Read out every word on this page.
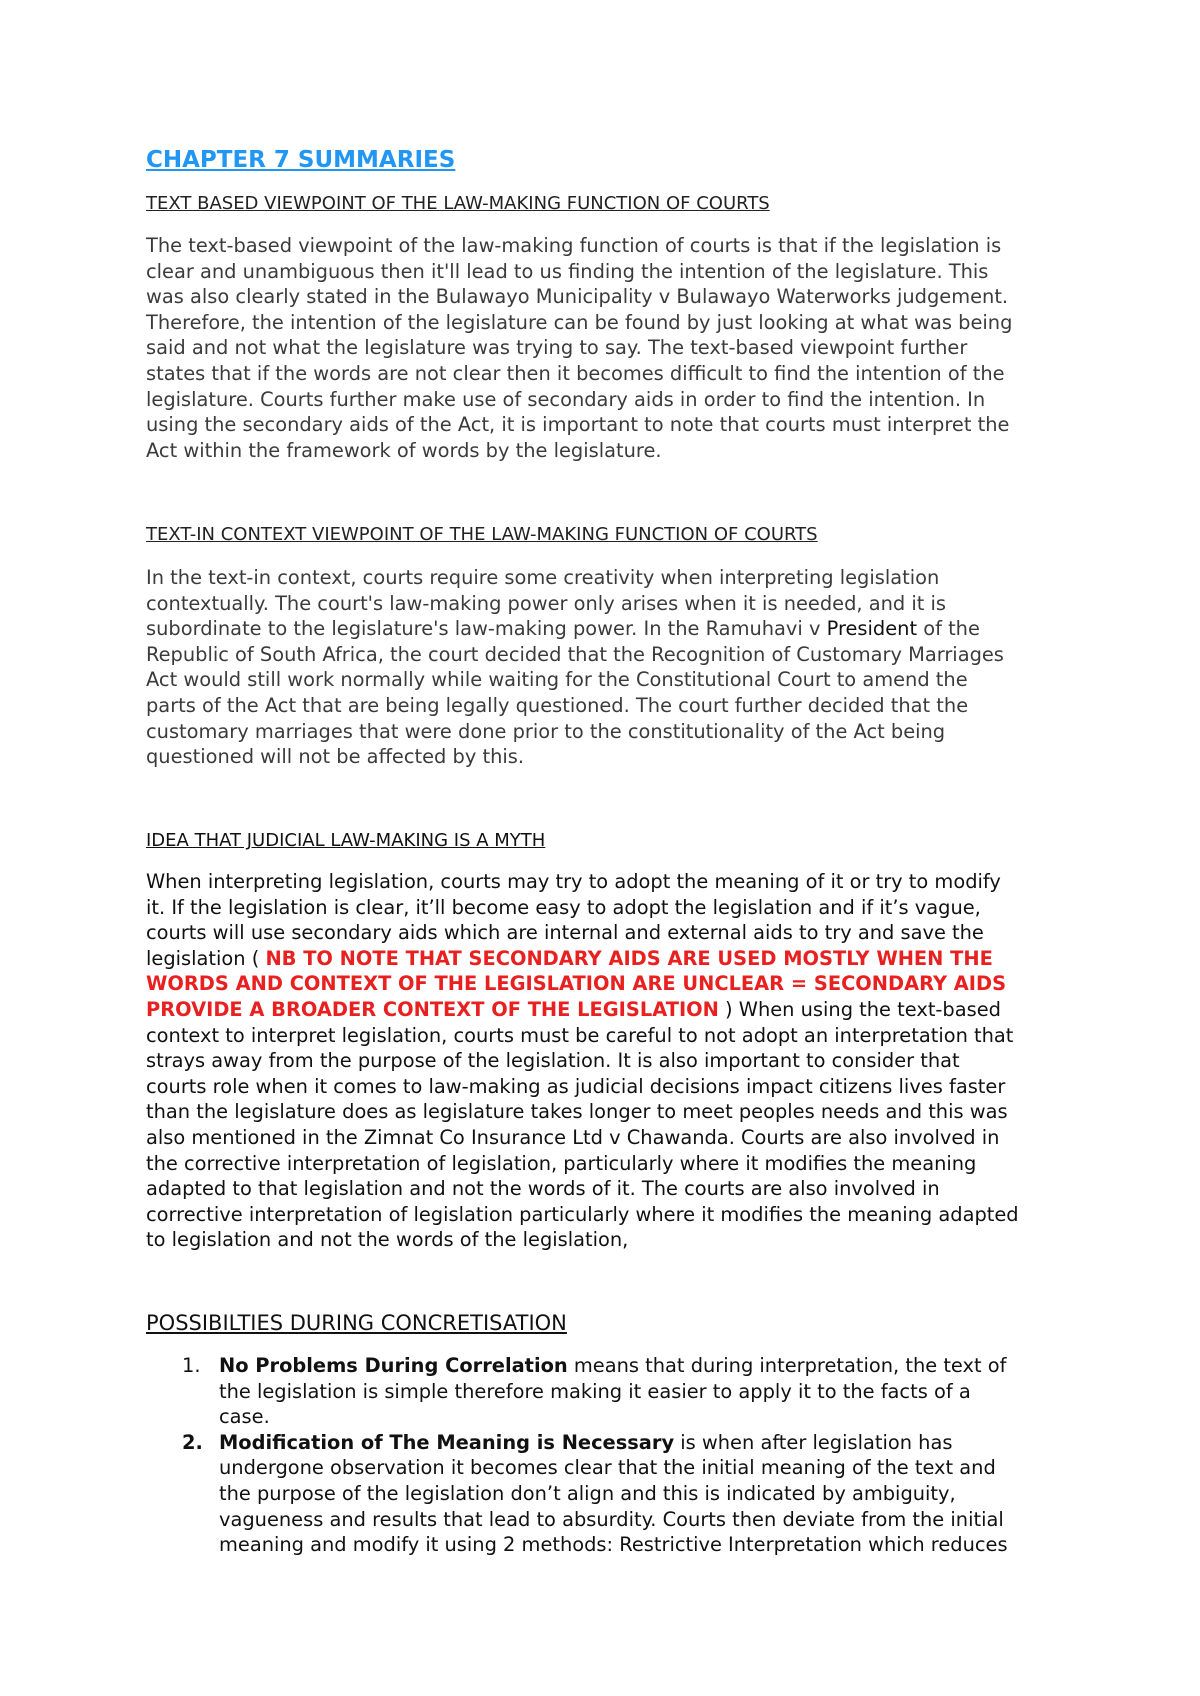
CHAPTER 7 SUMMARIES
TEXT BASED VIEWPOINT OF THE LAW-MAKING FUNCTION OF COURTS

The text-based viewpoint of the law-making function of courts is that if the legislation is
clear and unambiguous then it'll lead to us finding the intention of the legislature. This
was also clearly stated in the Bulawayo Municipality v Bulawayo Waterworks judgement.
Therefore, the intention of the legislature can be found by just looking at what was being
said and not what the legislature was trying to say. The text-based viewpoint further
states that if the words are not clear then it becomes difficult to find the intention of the
legislature. Courts further make use of secondary aids in order to find the intention. In
using the secondary aids of the Act, it is important to note that courts must interpret the
Act within the framework of words by the legislature.

TEXT-IN CONTEXT VIEWPOINT OF THE LAW-MAKING FUNCTION OF COURTS

In the text-in context, courts require some creativity when interpreting legislation
contextually. The court's law-making power only arises when it is needed, and it is
subordinate to the legislature's law-making power. In the Ramuhavi v President of the
Republic of South Africa, the court decided that the Recognition of Customary Marriages
Act would still work normally while waiting for the Constitutional Court to amend the
parts of the Act that are being legally questioned. The court further decided that the
customary marriages that were done prior to the constitutionality of the Act being
questioned will not be affected by this.

IDEA THAT JUDICIAL LAW-MAKING IS A MYTH

When interpreting legislation, courts may try to adopt the meaning of it or try to modify
it. If the legislation is clear, it’ll become easy to adopt the legislation and if it’s vague,
courts will use secondary aids which are internal and external aids to try and save the
legislation ( NB TO NOTE THAT SECONDARY AIDS ARE USED MOSTLY WHEN THE
WORDS AND CONTEXT OF THE LEGISLATION ARE UNCLEAR = SECONDARY AIDS
PROVIDE A BROADER CONTEXT OF THE LEGISLATION ) When using the text-based
context to interpret legislation, courts must be careful to not adopt an interpretation that
strays away from the purpose of the legislation. It is also important to consider that
courts role when it comes to law-making as judicial decisions impact citizens lives faster
than the legislature does as legislature takes longer to meet peoples needs and this was
also mentioned in the Zimnat Co Insurance Ltd v Chawanda. Courts are also involved in
the corrective interpretation of legislation, particularly where it modifies the meaning
adapted to that legislation and not the words of it. The courts are also involved in
corrective interpretation of legislation particularly where it modifies the meaning adapted
to legislation and not the words of the legislation,

POSSIBILTIES DURING CONCRETISATION
1. No Problems During Correlation means that during interpretation, the text of
the legislation is simple therefore making it easier to apply it to the facts of a
case.
2. Modification of The Meaning is Necessary is when after legislation has
undergone observation it becomes clear that the initial meaning of the text and
the purpose of the legislation don’t align and this is indicated by ambiguity,
vagueness and results that lead to absurdity. Courts then deviate from the initial
meaning and modify it using 2 methods: Restrictive Interpretation which reduces
